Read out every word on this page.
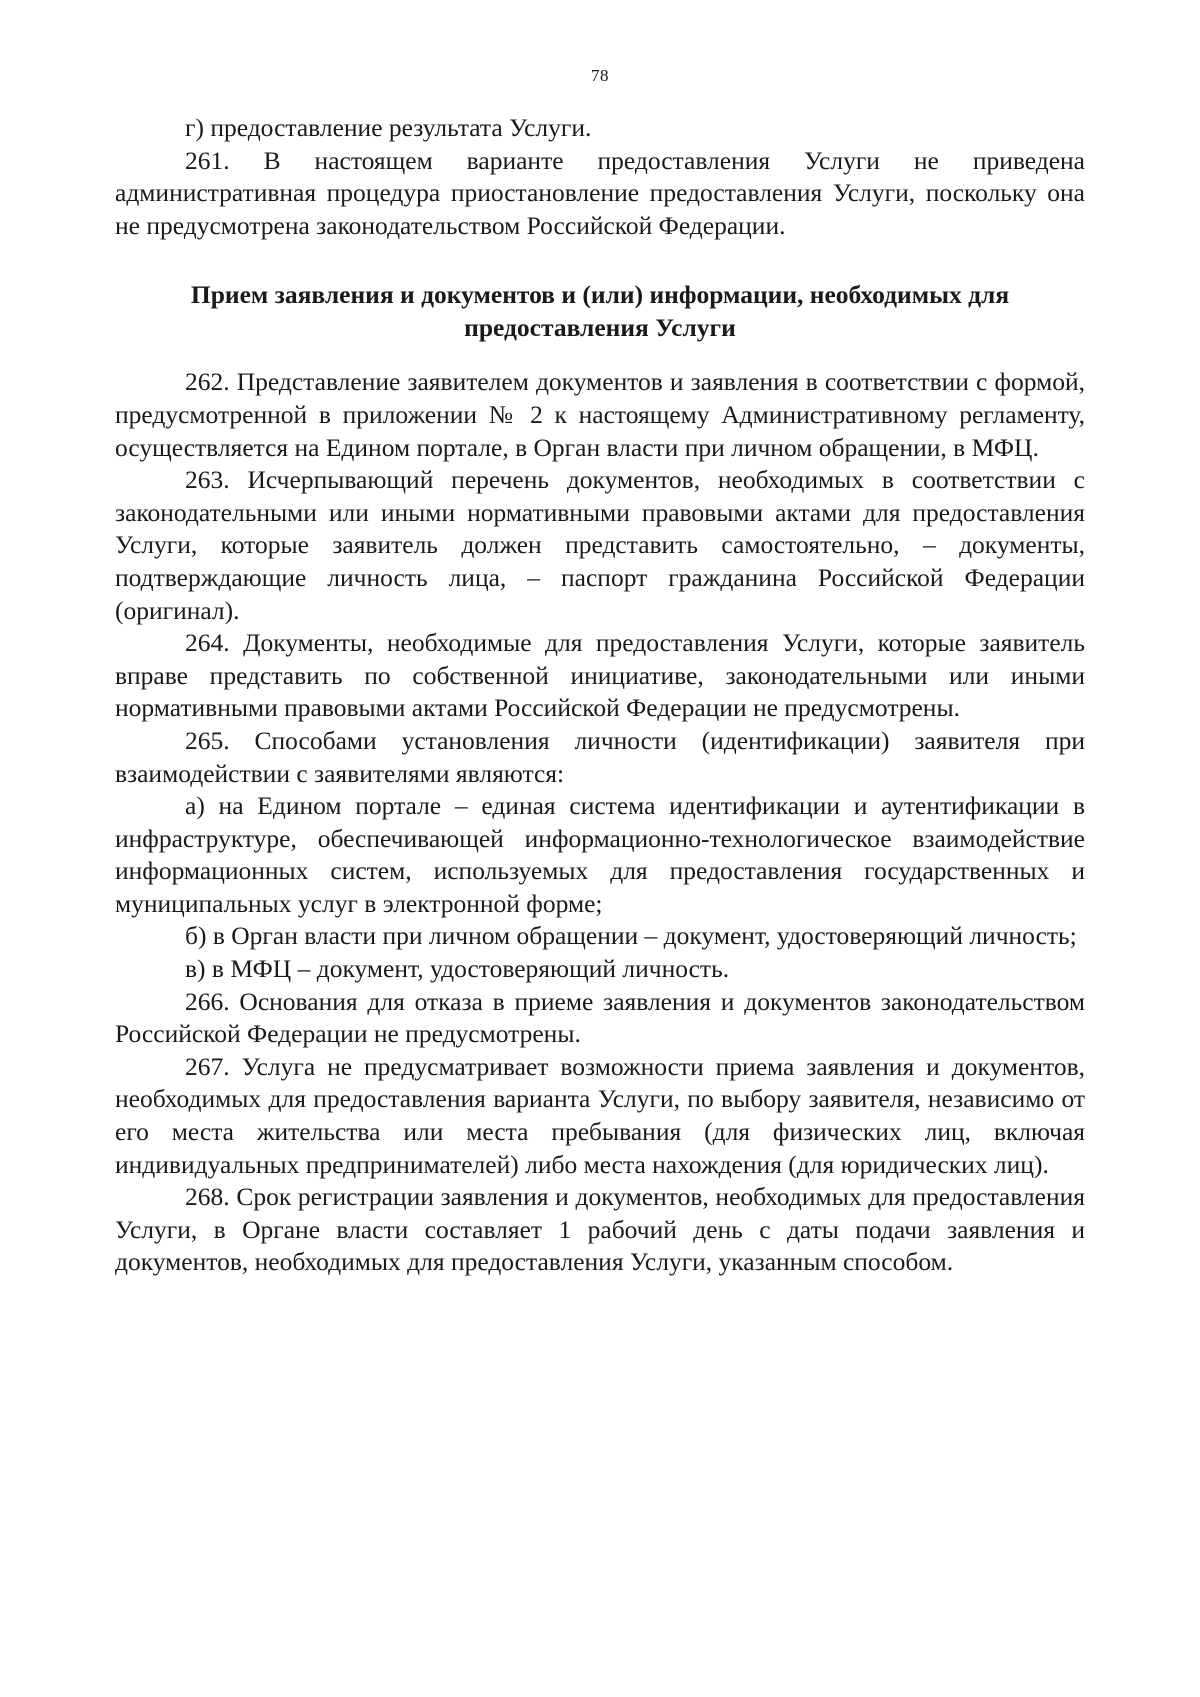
78

г) предоставление результата Услуги.

261. В настоящем варианте предоставления Услуги не приведена административная процедура приостановление предоставления Услуги, поскольку она не предусмотрена законодательством Российской Федерации.

Прием заявления и документов и (или) информации, необходимых для предоставления Услуги

262. Представление заявителем документов и заявления в соответствии с формой, предусмотренной в приложении № 2 к настоящему Административному регламенту, осуществляется на Едином портале, в Орган власти при личном обращении, в МФЦ.

263. Исчерпывающий перечень документов, необходимых в соответствии с законодательными или иными нормативными правовыми актами для предоставления Услуги, которые заявитель должен представить самостоятельно, – документы, подтверждающие личность лица, – паспорт гражданина Российской Федерации (оригинал).

264. Документы, необходимые для предоставления Услуги, которые заявитель вправе представить по собственной инициативе, законодательными или иными нормативными правовыми актами Российской Федерации не предусмотрены.

265. Способами установления личности (идентификации) заявителя при взаимодействии с заявителями являются:

а) на Едином портале – единая система идентификации и аутентификации в инфраструктуре, обеспечивающей информационно-технологическое взаимодействие информационных систем, используемых для предоставления государственных и муниципальных услуг в электронной форме;

б) в Орган власти при личном обращении – документ, удостоверяющий личность;

в) в МФЦ – документ, удостоверяющий личность.

266. Основания для отказа в приеме заявления и документов законодательством Российской Федерации не предусмотрены.

267. Услуга не предусматривает возможности приема заявления и документов, необходимых для предоставления варианта Услуги, по выбору заявителя, независимо от его места жительства или места пребывания (для физических лиц, включая индивидуальных предпринимателей) либо места нахождения (для юридических лиц).

268. Срок регистрации заявления и документов, необходимых для предоставления Услуги, в Органе власти составляет 1 рабочий день с даты подачи заявления и документов, необходимых для предоставления Услуги, указанным способом.
